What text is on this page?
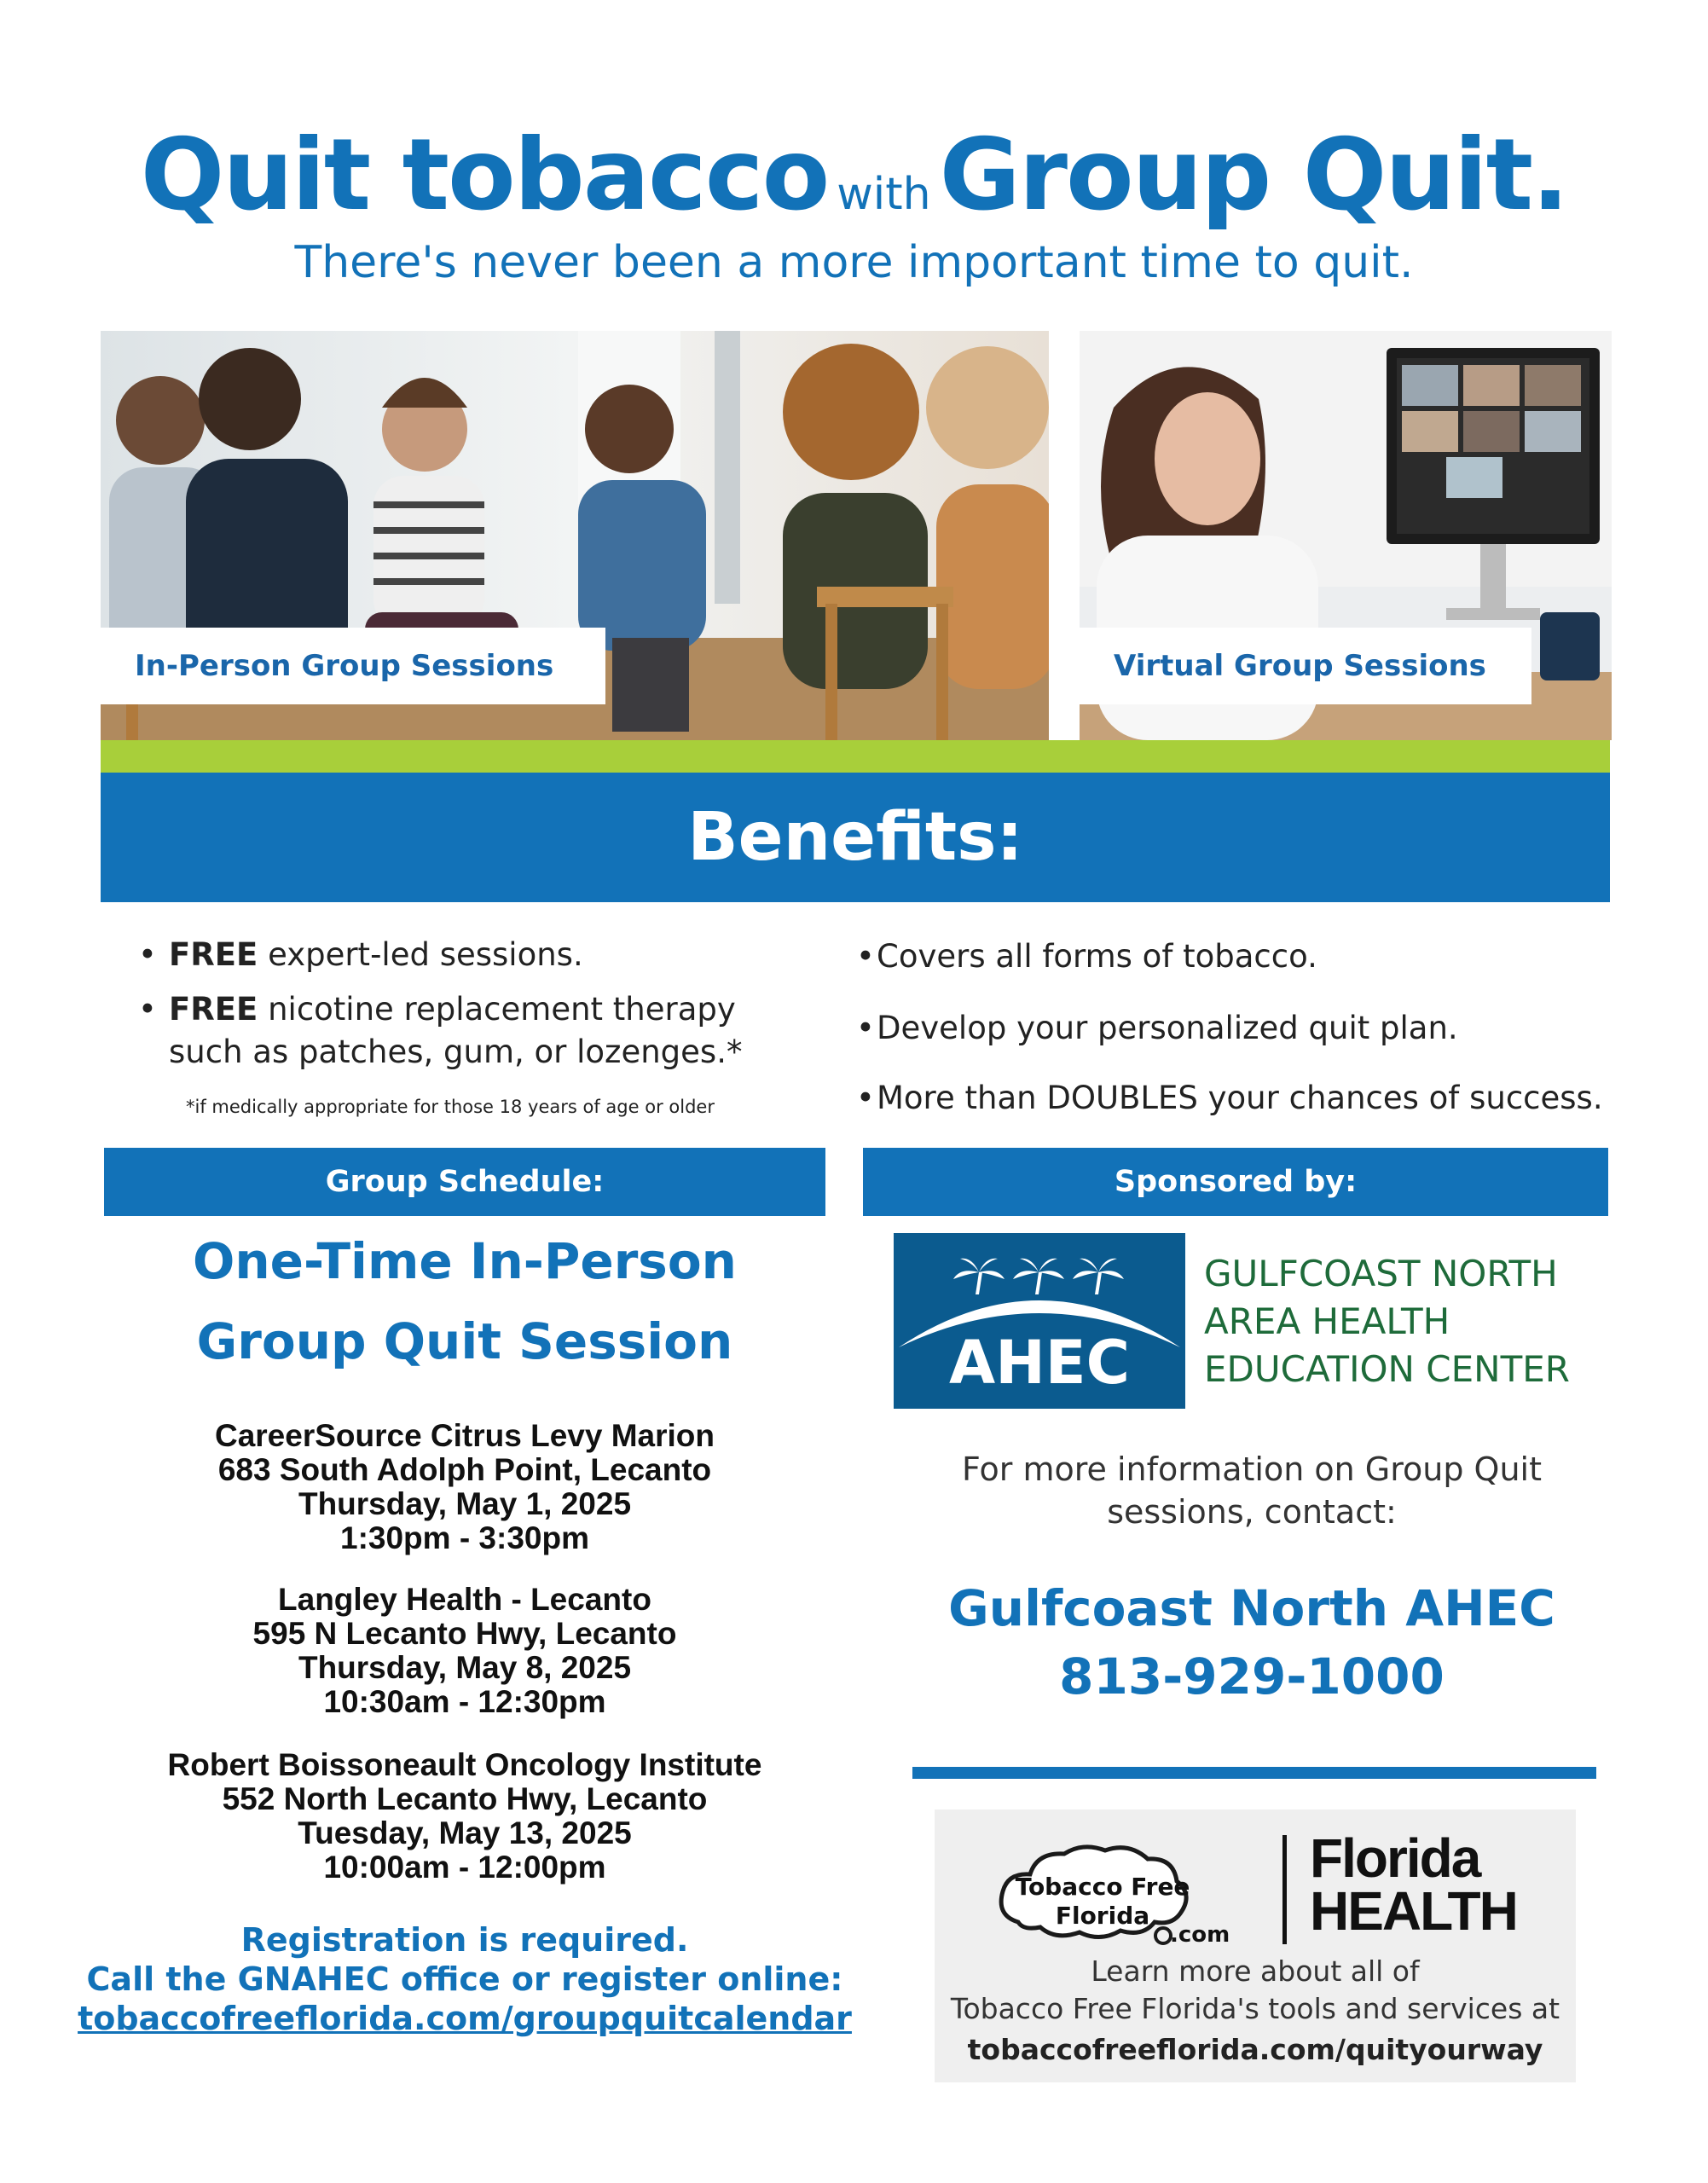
Quit tobacco withGroup Quit.
There's never been a more important time to quit.
In-Person Group Sessions	Virtual Group Sessions
Benefits:
• FREE expert-led sessions.
• FREE nicotine replacement therapy
such as patches, gum, or lozenges.*
*if medically appropriate for those 18 years of age or older
•Covers all forms of tobacco.
•Develop your personalized quit plan.
•More than DOUBLES your chances of success.
Group Schedule:
One-Time In-Person
Group Quit Session
CareerSource Citrus Levy Marion
683 South Adolph Point, Lecanto
Thursday, May 1, 2025
1:30pm - 3:30pm
Langley Health - Lecanto
595 N Lecanto Hwy, Lecanto
Thursday, May 8, 2025
10:30am - 12:30pm
Robert Boissoneault Oncology Institute
552 North Lecanto Hwy, Lecanto
Tuesday, May 13, 2025
10:00am - 12:00pm
Registration is required.
Call the GNAHEC office or register online:
tobaccofreeflorida.com/groupquitcalendar
Sponsored by:
AHEC
GULFCOAST NORTH
AREA HEALTH
EDUCATION CENTER
For more information on Group Quit
sessions, contact:
Gulfcoast North AHEC
813-929-1000
Tobacco Free
Florida
.com
Florida
HEALTH
Learn more about all of
Tobacco Free Florida's tools and services at
tobaccofreeflorida.com/quityourway
